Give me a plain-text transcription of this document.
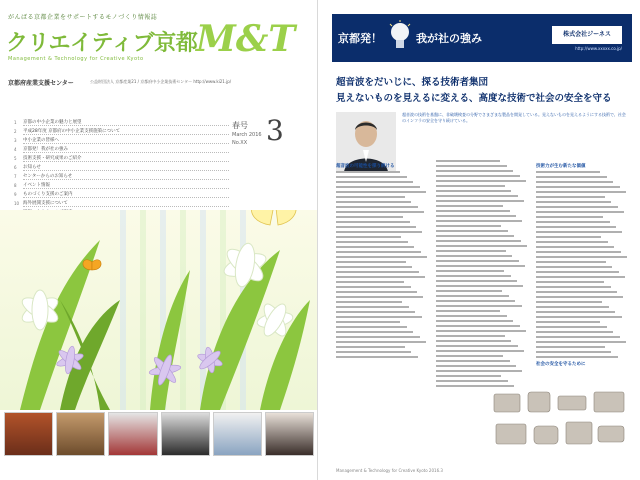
がんばる京都企業をサポートするモノづくり情報誌
クリエイティブ京都
M&T
Management & Technology for Creative Kyoto
京都府産業支援センター	公益財団法人 京都産業21 / 京都府中小企業技術センター http://www.ki21.jp/
1	京都の中小企業の魅力と展望
2	平成28年度 京都府の中小企業支援施策について
3	中小企業の皆様へ
4	京都発！我が社の強み
5	技術支援・研究成果のご紹介
6	お知らせ
7	センターからのお知らせ
8	イベント情報
9	ものづくり支援のご案内
10 海外展開支援について
春号
March 2016
No.XX 3
京都発！	我が社の強み	株式会社ジーネス
http://www.xxxxx.co.jp/
超音波をだいじに、探る技術者集団
見えないものを見えるに変える、高度な技術で社会の安全を守る
超音波の技術を基盤に、非破壊検査の分野でさまざまな製品を開発している。見えないものを見えるようにする技術で、社会のインフラの安全を守り続けている。
超音波の可能性を探り続ける	技術力が生む新たな価値
社会の安全を守るために
Management & Technology for Creative Kyoto 2016.3
